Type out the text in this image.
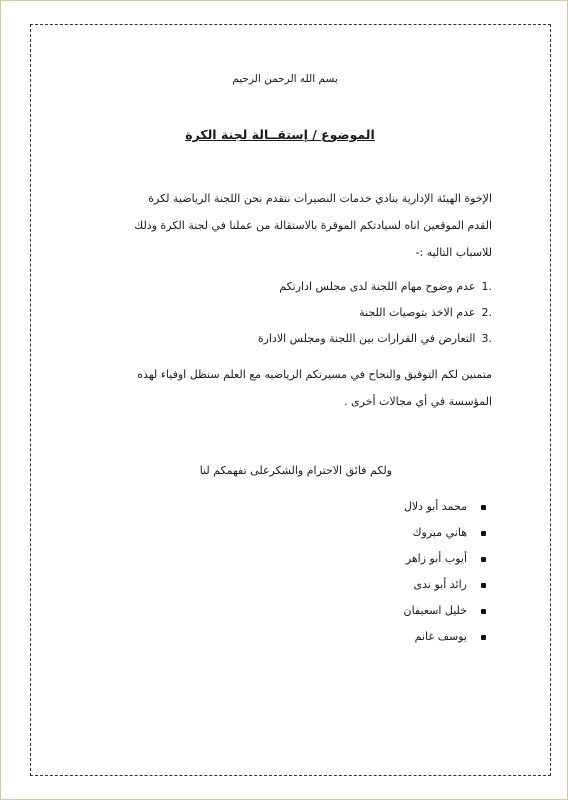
بسم الله الرحمن الرحيم
الموضوع / إستقــالة لجنة الكرة
الإخوة الهيئة الإدارية بنادي خدمات النصيرات نتقدم نحن اللجنة الرياضية لكرة
القدم الموقعين اناه لسيادتكم الموقرة بالاستقالة من عملنا في لجنة الكرة وذلك
للاسباب التاليه :-
.1عدم وضوح مهام اللجنة لدى مجلس ادارتكم
.2عدم الاخذ بتوصيات اللجنة
.3التعارض في القرارات بين اللجنة ومجلس الادارة
متمنين لكم التوفيق والنجاح في مسيرتكم الرياضيه مع العلم سنظل اوفياء لهذه
المؤسسة في أي مجالات أخرى .
ولكم فائق الاحترام والشكرعلى تفهمكم لنا
محمد أبو دلال
هاني مبروك
أيوب أبو زاهر
رائد أبو ندى
خليل اسعيفان
يوسف غانم
